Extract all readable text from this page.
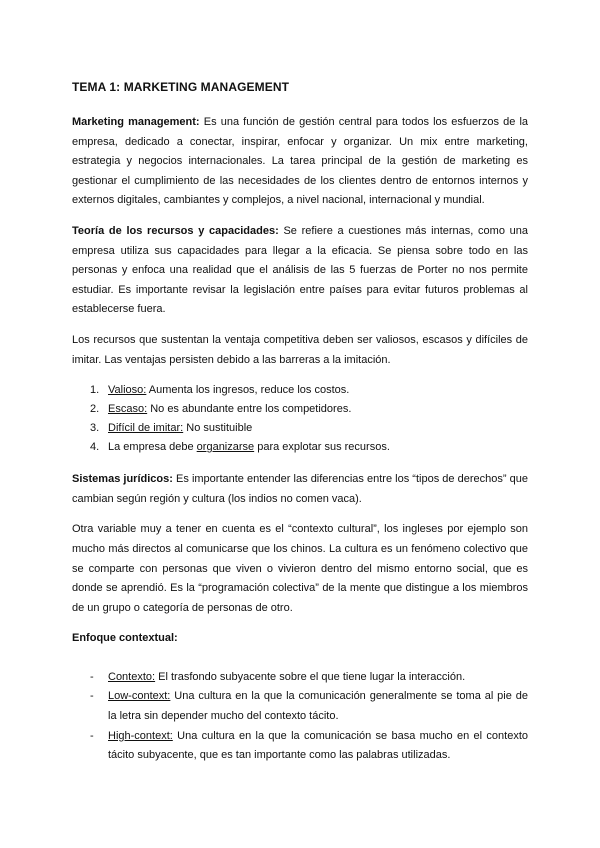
TEMA 1: MARKETING MANAGEMENT

Marketing management: Es una función de gestión central para todos los esfuerzos de la empresa, dedicado a conectar, inspirar, enfocar y organizar. Un mix entre marketing, estrategia y negocios internacionales. La tarea principal de la gestión de marketing es gestionar el cumplimiento de las necesidades de los clientes dentro de entornos internos y externos digitales, cambiantes y complejos, a nivel nacional, internacional y mundial.

Teoría de los recursos y capacidades: Se refiere a cuestiones más internas, como una empresa utiliza sus capacidades para llegar a la eficacia. Se piensa sobre todo en las personas y enfoca una realidad que el análisis de las 5 fuerzas de Porter no nos permite estudiar. Es importante revisar la legislación entre países para evitar futuros problemas al establecerse fuera.

Los recursos que sustentan la ventaja competitiva deben ser valiosos, escasos y difíciles de imitar. Las ventajas persisten debido a las barreras a la imitación.

1. Valioso: Aumenta los ingresos, reduce los costos.
2. Escaso: No es abundante entre los competidores.
3. Difícil de imitar: No sustituible
4. La empresa debe organizarse para explotar sus recursos.

Sistemas jurídicos: Es importante entender las diferencias entre los “tipos de derechos” que cambian según región y cultura (los indios no comen vaca).

Otra variable muy a tener en cuenta es el “contexto cultural”, los ingleses por ejemplo son mucho más directos al comunicarse que los chinos. La cultura es un fenómeno colectivo que se comparte con personas que viven o vivieron dentro del mismo entorno social, que es donde se aprendió. Es la “programación colectiva” de la mente que distingue a los miembros de un grupo o categoría de personas de otro.

Enfoque contextual:

- Contexto: El trasfondo subyacente sobre el que tiene lugar la interacción.

- Low-context: Una cultura en la que la comunicación generalmente se toma al pie de la letra sin depender mucho del contexto tácito.

- High-context: Una cultura en la que la comunicación se basa mucho en el contexto tácito subyacente, que es tan importante como las palabras utilizadas.
